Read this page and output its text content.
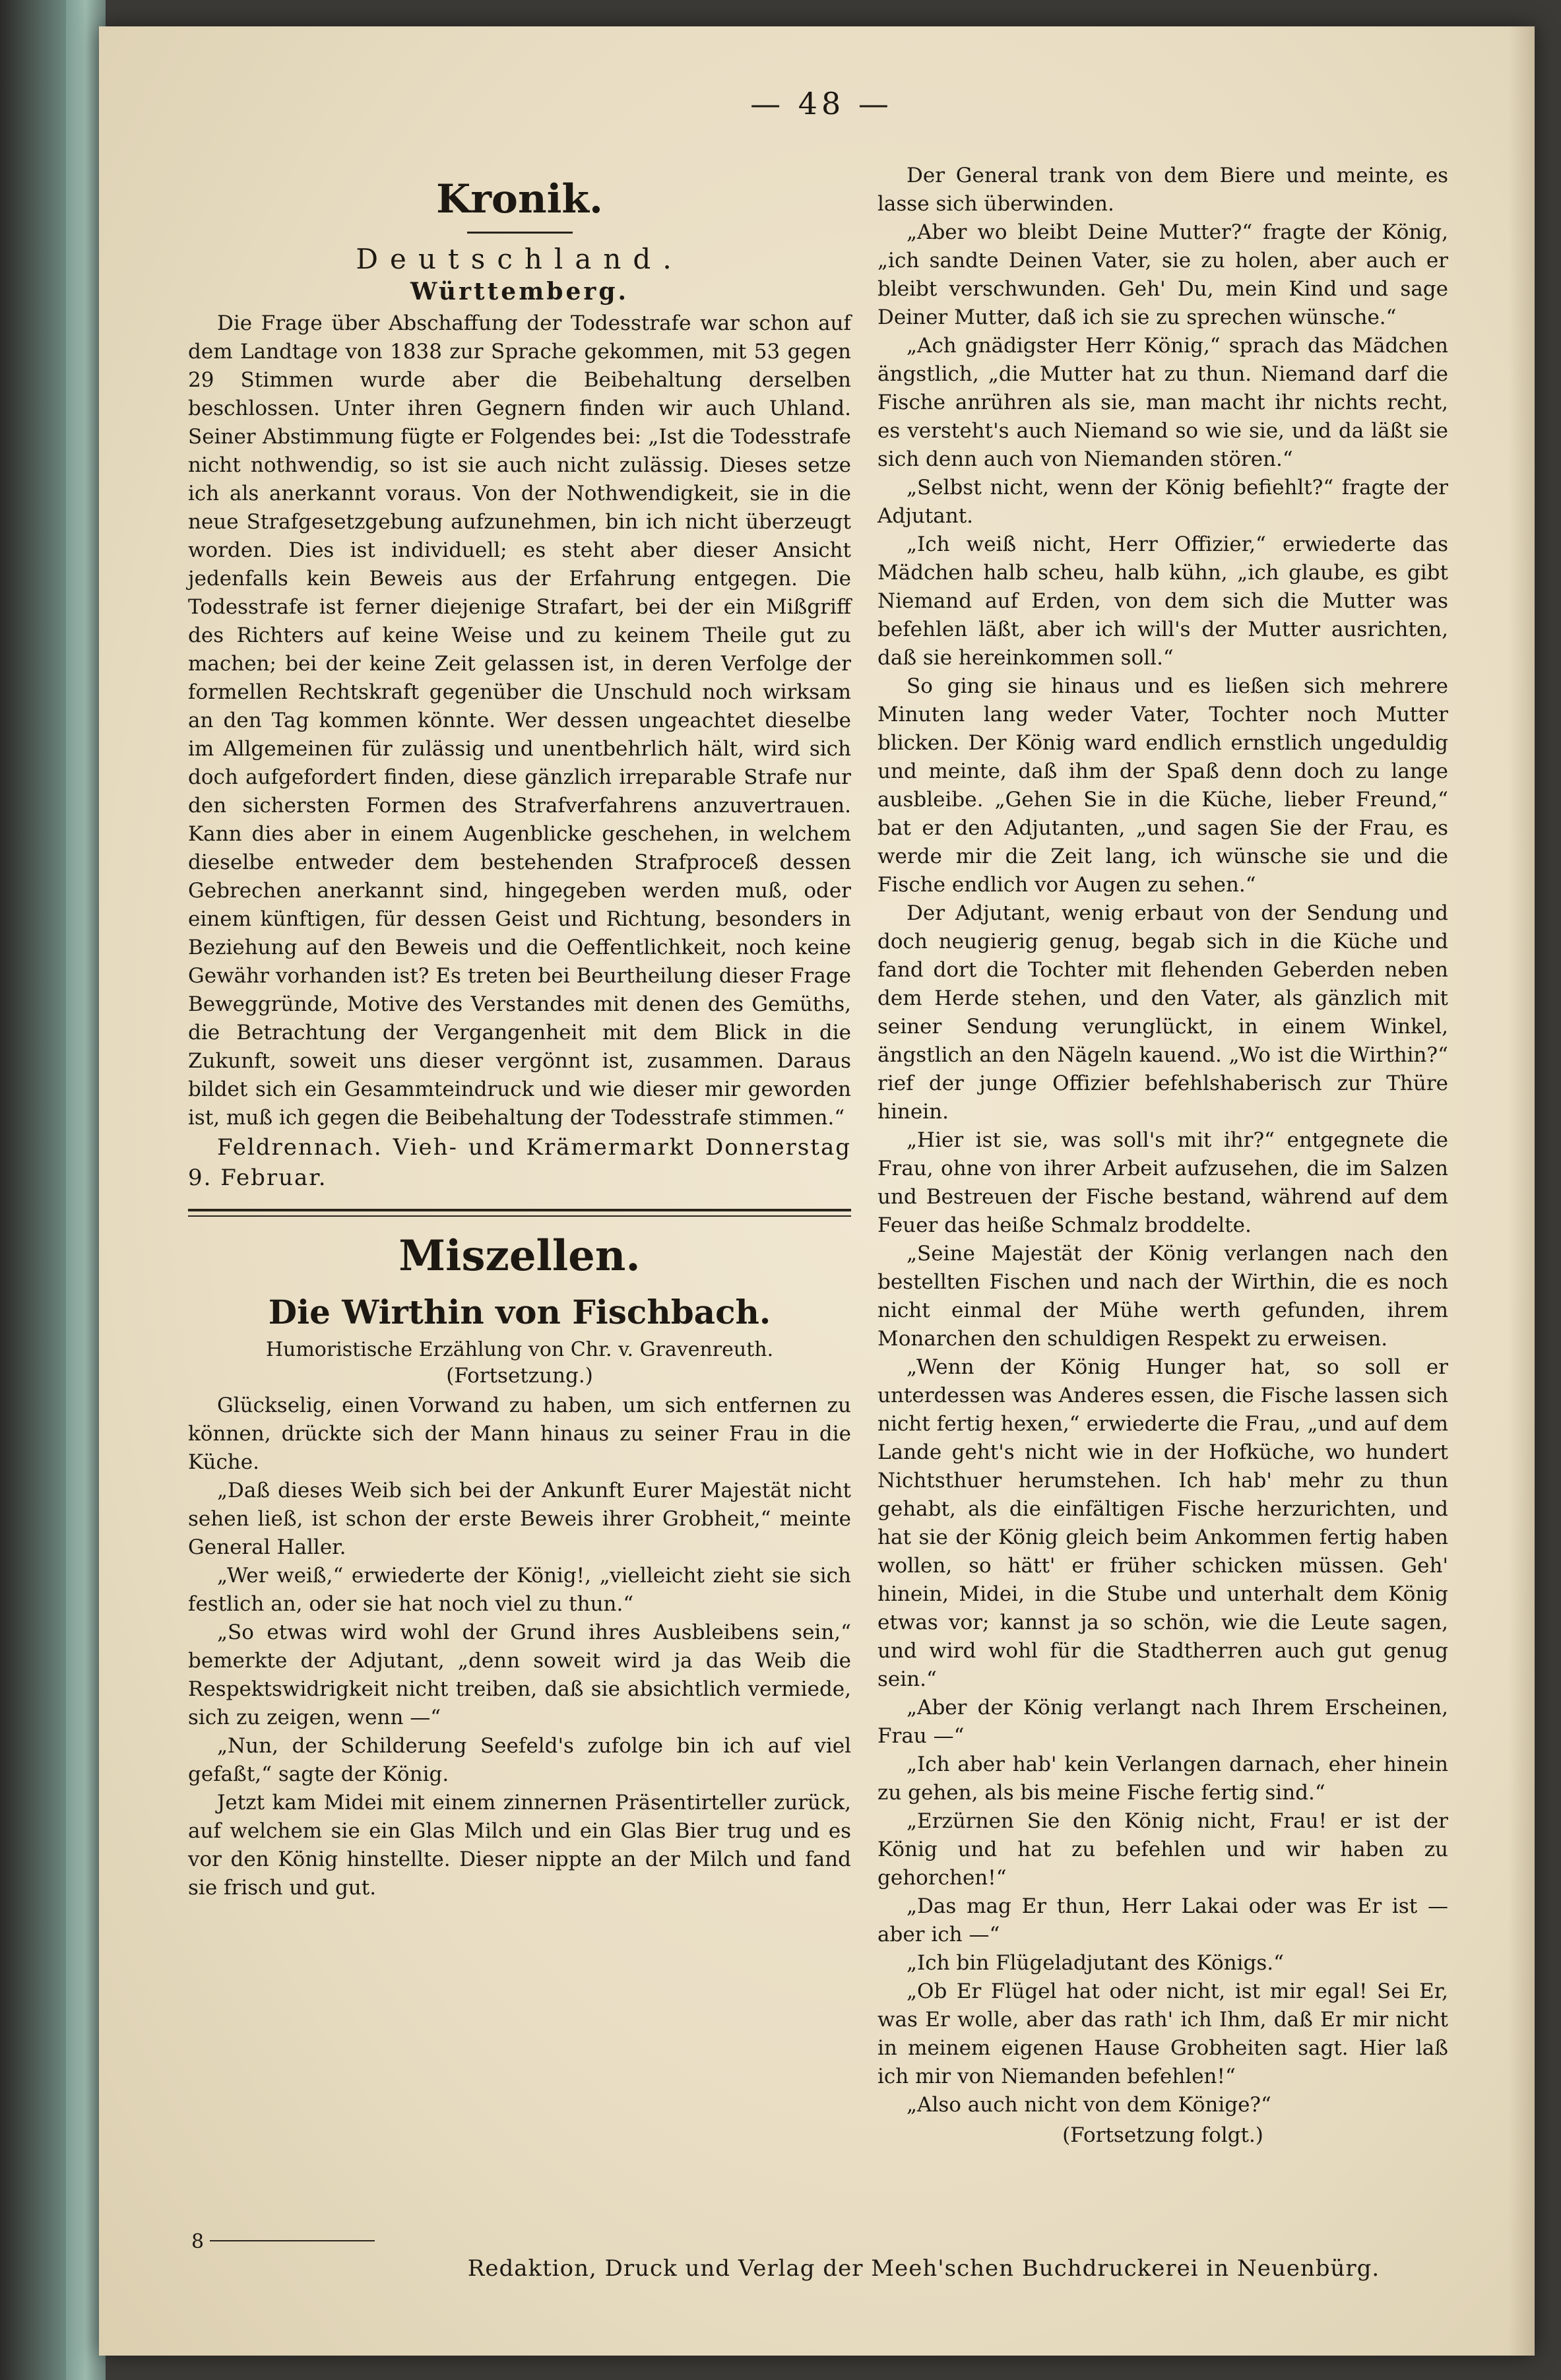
— 48 —
Kronik.
Deutschland.
Württemberg.

Die Frage über Abschaffung der Todesstrafe war schon auf dem Landtage von 1838 zur Sprache gekommen, mit 53 gegen 29 Stimmen wurde aber die Beibehaltung derselben beschlossen. Unter ihren Gegnern finden wir auch Uhland. Seiner Abstimmung fügte er Folgendes bei: „Ist die Todesstrafe nicht nothwendig, so ist sie auch nicht zulässig. Dieses setze ich als anerkannt voraus. Von der Nothwendigkeit, sie in die neue Strafgesetzgebung aufzunehmen, bin ich nicht überzeugt worden. Dies ist individuell; es steht aber dieser Ansicht jedenfalls kein Beweis aus der Erfahrung entgegen. Die Todesstrafe ist ferner diejenige Strafart, bei der ein Mißgriff des Richters auf keine Weise und zu keinem Theile gut zu machen; bei der keine Zeit gelassen ist, in deren Verfolge der formellen Rechtskraft gegenüber die Unschuld noch wirksam an den Tag kommen könnte. Wer dessen ungeachtet dieselbe im Allgemeinen für zulässig und unentbehrlich hält, wird sich doch aufgefordert finden, diese gänzlich irreparable Strafe nur den sichersten Formen des Strafverfahrens anzuvertrauen. Kann dies aber in einem Augenblicke geschehen, in welchem dieselbe entweder dem bestehenden Strafproceß dessen Gebrechen anerkannt sind, hingegeben werden muß, oder einem künftigen, für dessen Geist und Richtung, besonders in Beziehung auf den Beweis und die Oeffentlichkeit, noch keine Gewähr vorhanden ist? Es treten bei Beurtheilung dieser Frage Beweggründe, Motive des Verstandes mit denen des Gemüths, die Betrachtung der Vergangenheit mit dem Blick in die Zukunft, soweit uns dieser vergönnt ist, zusammen. Daraus bildet sich ein Gesammteindruck und wie dieser mir geworden ist, muß ich gegen die Beibehaltung der Todesstrafe stimmen.“

Feldrennach. Vieh- und Krämermarkt Donnerstag 9. Februar.

Miszellen.
Die Wirthin von Fischbach.
Humoristische Erzählung von Chr. v. Gravenreuth.
(Fortsetzung.)

Glückselig, einen Vorwand zu haben, um sich entfernen zu können, drückte sich der Mann hinaus zu seiner Frau in die Küche.

„Daß dieses Weib sich bei der Ankunft Eurer Majestät nicht sehen ließ, ist schon der erste Beweis ihrer Grobheit,“ meinte General Haller.

„Wer weiß,“ erwiederte der König!, „vielleicht zieht sie sich festlich an, oder sie hat noch viel zu thun.“

„So etwas wird wohl der Grund ihres Ausbleibens sein,“ bemerkte der Adjutant, „denn soweit wird ja das Weib die Respektswidrigkeit nicht treiben, daß sie absichtlich vermiede, sich zu zeigen, wenn —“

„Nun, der Schilderung Seefeld's zufolge bin ich auf viel gefaßt,“ sagte der König.

Jetzt kam Midei mit einem zinnernen Präsentirteller zurück, auf welchem sie ein Glas Milch und ein Glas Bier trug und es vor den König hinstellte. Dieser nippte an der Milch und fand sie frisch und gut.

Der General trank von dem Biere und meinte, es lasse sich überwinden.

„Aber wo bleibt Deine Mutter?“ fragte der König, „ich sandte Deinen Vater, sie zu holen, aber auch er bleibt verschwunden. Geh' Du, mein Kind und sage Deiner Mutter, daß ich sie zu sprechen wünsche.“

„Ach gnädigster Herr König,“ sprach das Mädchen ängstlich, „die Mutter hat zu thun. Niemand darf die Fische anrühren als sie, man macht ihr nichts recht, es versteht's auch Niemand so wie sie, und da läßt sie sich denn auch von Niemanden stören.“

„Selbst nicht, wenn der König befiehlt?“ fragte der Adjutant.

„Ich weiß nicht, Herr Offizier,“ erwiederte das Mädchen halb scheu, halb kühn, „ich glaube, es gibt Niemand auf Erden, von dem sich die Mutter was befehlen läßt, aber ich will's der Mutter ausrichten, daß sie hereinkommen soll.“

So ging sie hinaus und es ließen sich mehrere Minuten lang weder Vater, Tochter noch Mutter blicken. Der König ward endlich ernstlich ungeduldig und meinte, daß ihm der Spaß denn doch zu lange ausbleibe. „Gehen Sie in die Küche, lieber Freund,“ bat er den Adjutanten, „und sagen Sie der Frau, es werde mir die Zeit lang, ich wünsche sie und die Fische endlich vor Augen zu sehen.“

Der Adjutant, wenig erbaut von der Sendung und doch neugierig genug, begab sich in die Küche und fand dort die Tochter mit flehenden Geberden neben dem Herde stehen, und den Vater, als gänzlich mit seiner Sendung verunglückt, in einem Winkel, ängstlich an den Nägeln kauend. „Wo ist die Wirthin?“ rief der junge Offizier befehlshaberisch zur Thüre hinein.

„Hier ist sie, was soll's mit ihr?“ entgegnete die Frau, ohne von ihrer Arbeit aufzusehen, die im Salzen und Bestreuen der Fische bestand, während auf dem Feuer das heiße Schmalz broddelte.

„Seine Majestät der König verlangen nach den bestellten Fischen und nach der Wirthin, die es noch nicht einmal der Mühe werth gefunden, ihrem Monarchen den schuldigen Respekt zu erweisen.

„Wenn der König Hunger hat, so soll er unterdessen was Anderes essen, die Fische lassen sich nicht fertig hexen,“ erwiederte die Frau, „und auf dem Lande geht's nicht wie in der Hofküche, wo hundert Nichtsthuer herumstehen. Ich hab' mehr zu thun gehabt, als die einfältigen Fische herzurichten, und hat sie der König gleich beim Ankommen fertig haben wollen, so hätt' er früher schicken müssen. Geh' hinein, Midei, in die Stube und unterhalt dem König etwas vor; kannst ja so schön, wie die Leute sagen, und wird wohl für die Stadtherren auch gut genug sein.“

„Aber der König verlangt nach Ihrem Erscheinen, Frau —“

„Ich aber hab' kein Verlangen darnach, eher hinein zu gehen, als bis meine Fische fertig sind.“

„Erzürnen Sie den König nicht, Frau! er ist der König und hat zu befehlen und wir haben zu gehorchen!“

„Das mag Er thun, Herr Lakai oder was Er ist — aber ich —“

„Ich bin Flügeladjutant des Königs.“

„Ob Er Flügel hat oder nicht, ist mir egal! Sei Er, was Er wolle, aber das rath' ich Ihm, daß Er mir nicht in meinem eigenen Hause Grobheiten sagt. Hier laß ich mir von Niemanden befehlen!“

„Also auch nicht von dem Könige?“

(Fortsetzung folgt.)
8
Redaktion, Druck und Verlag der Meeh'schen Buchdruckerei in Neuenbürg.
